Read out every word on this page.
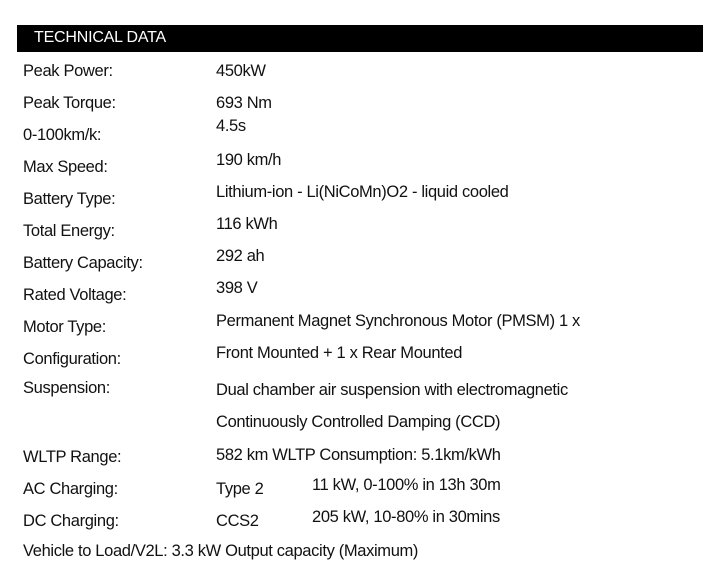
TECHNICAL DATA
Peak Power:	450kW
Peak Torque:	693 Nm
0-100km/k:	4.5s
Max Speed:	190 km/h
Battery Type:	Lithium-ion - Li(NiCoMn)O2 - liquid cooled
Total Energy:	116 kWh
Battery Capacity:	292 ah
Rated Voltage:	398 V
Motor Type:	Permanent Magnet Synchronous Motor (PMSM) 1 x
Configuration:	Front Mounted + 1 x Rear Mounted
Suspension:	Dual chamber air suspension with electromagnetic
Continuously Controlled Damping (CCD)
WLTP Range:	582 km WLTP Consumption: 5.1km/kWh
AC Charging:	Type 2	11 kW, 0-100% in 13h 30m
DC Charging:	CCS2	205 kW, 10-80% in 30mins
Vehicle to Load/V2L: 3.3 kW Output capacity (Maximum)
